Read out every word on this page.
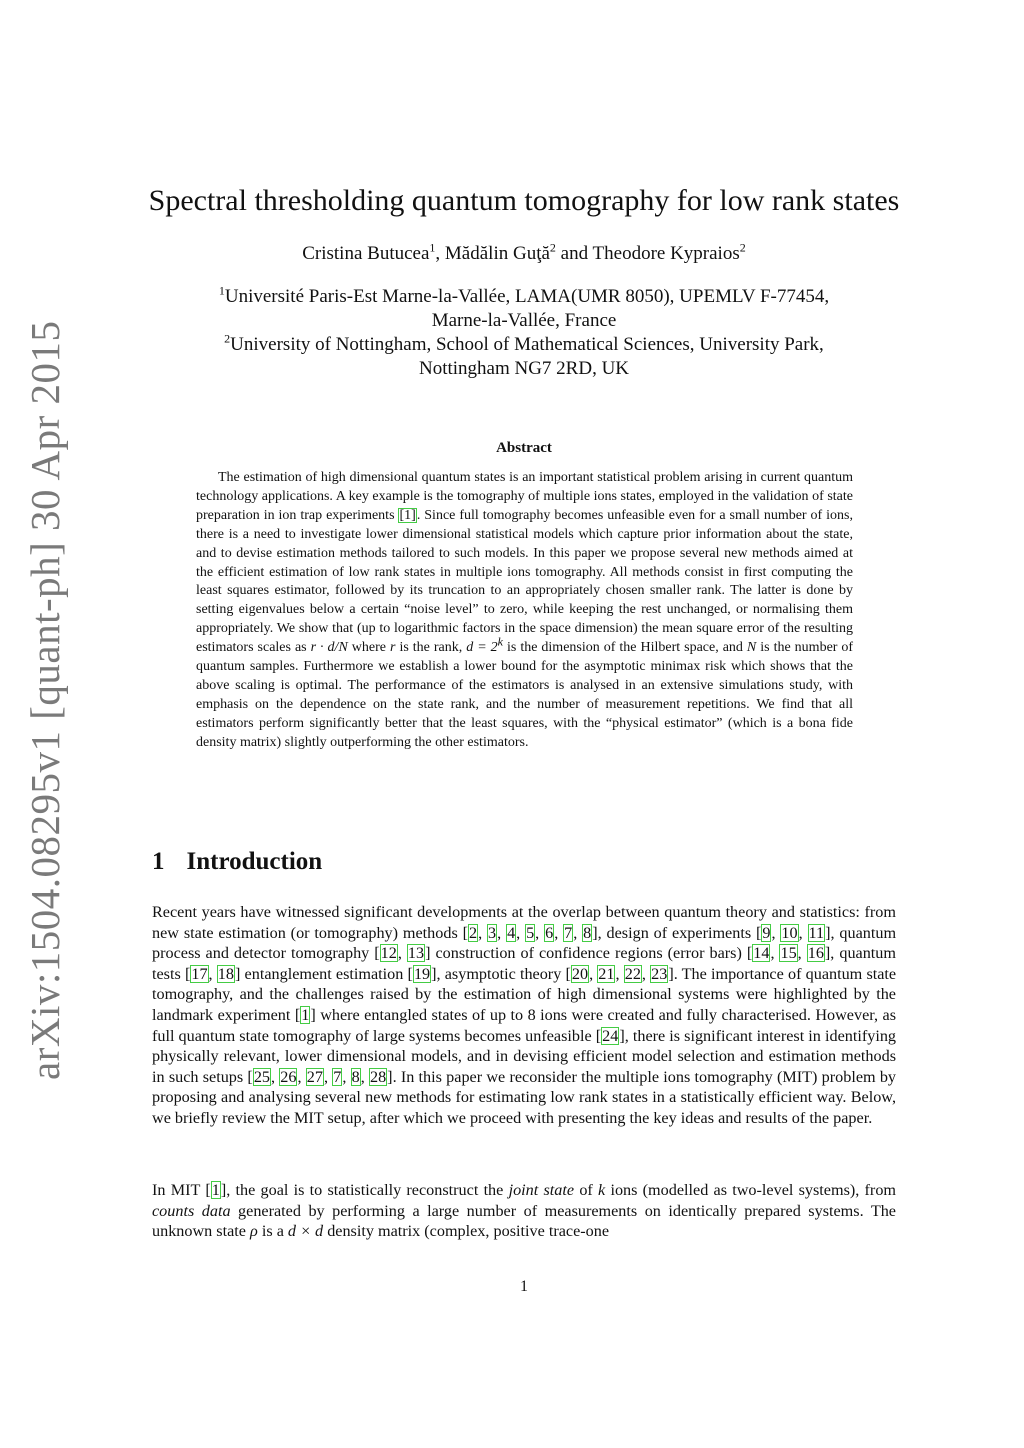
Spectral thresholding quantum tomography for low rank states
Cristina Butucea$^1$, Mădălin Guţă$^2$ and Theodore Kypraios$^2$
$^1$Université Paris-Est Marne-la-Vallée, LAMA(UMR 8050), UPEMLV F-77454,
Marne-la-Vallée, France
$^2$University of Nottingham, School of Mathematical Sciences, University Park,
Nottingham NG7 2RD, UK
arXiv:1504.08295v1 [quant-ph] 30 Apr 2015	Abstract

The estimation of high dimensional quantum states is an important statistical problem arising in current quantum technology applications. A key example is the tomography of multiple ions states, employed in the validation of state preparation in ion trap experiments [1]. Since full tomography becomes unfeasible even for a small number of ions, there is a need to investigate lower dimensional statistical models which capture prior information about the state, and to devise estimation methods tailored to such models. In this paper we propose several new methods aimed at the efficient estimation of low rank states in multiple ions tomography. All methods consist in first computing the least squares estimator, followed by its truncation to an appropriately chosen smaller rank. The latter is done by setting eigenvalues below a certain “noise level” to zero, while keeping the rest unchanged, or normalising them appropriately. We show that (up to logarithmic factors in the space dimension) the mean square error of the resulting estimators scales as r · d/N where r is the rank, $d = 2^k$ is the dimension of the Hilbert space, and N is the number of quantum samples. Furthermore we establish a lower bound for the asymptotic minimax risk which shows that the above scaling is optimal. The performance of the estimators is analysed in an extensive simulations study, with emphasis on the dependence on the state rank, and the number of measurement repetitions. We find that all estimators perform significantly better that the least squares, with the “physical estimator” (which is a bona fide density matrix) slightly outperforming the other estimators.

1 Introduction

Recent years have witnessed significant developments at the overlap between quantum theory and statistics: from new state estimation (or tomography) methods [2, 3, 4, 5, 6, 7, 8], design of experiments [9, 10, 11], quantum process and detector tomography [12, 13] construction of confidence regions (error bars) [14, 15, 16], quantum tests [17, 18] entanglement estimation [19], asymptotic theory [20, 21, 22, 23]. The importance of quantum state tomography, and the challenges raised by the estimation of high dimensional systems were highlighted by the landmark experiment [1] where entangled states of up to 8 ions were created and fully characterised. However, as full quantum state tomography of large systems becomes unfeasible [24], there is significant interest in identifying physically relevant, lower dimensional models, and in devising efficient model selection and estimation methods in such setups [25, 26, 27, 7, 8, 28]. In this paper we reconsider the multiple ions tomography (MIT) problem by proposing and analysing several new methods for estimating low rank states in a statistically efficient way. Below, we briefly review the MIT setup, after which we proceed with presenting the key ideas and results of the paper.

In MIT [1], the goal is to statistically reconstruct the joint state of k ions (modelled as two-level systems), from counts data generated by performing a large number of measurements on identically prepared systems. The unknown state ρ is a d × d density matrix (complex, positive trace-one

1
